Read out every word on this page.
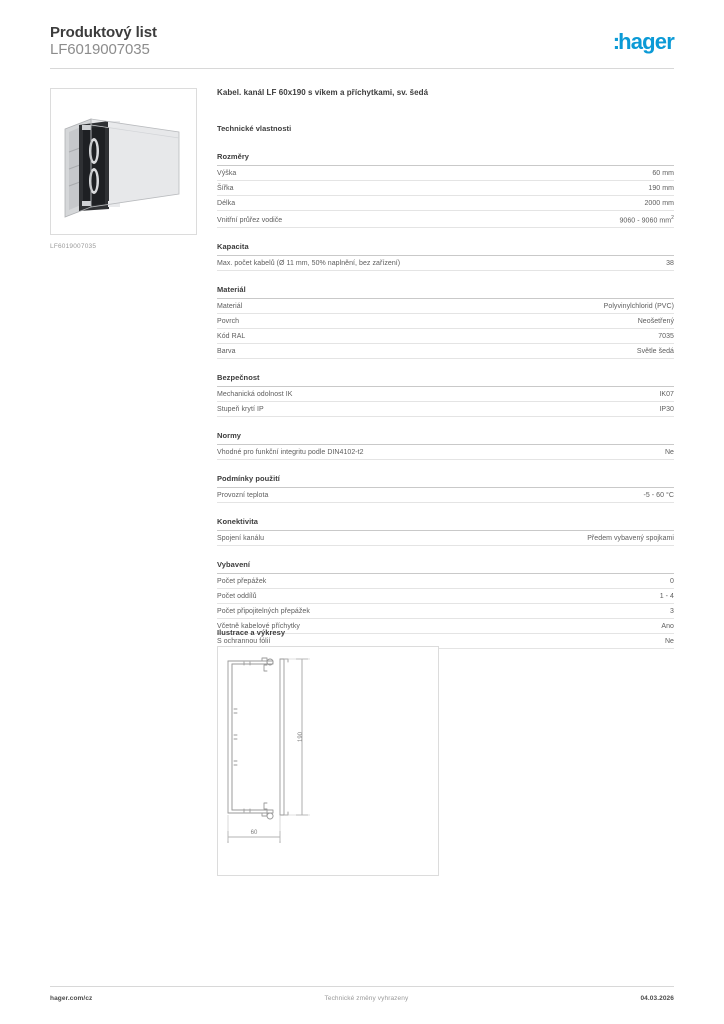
Produktový list
LF6019007035	:hager
LF6019007035
Kabel. kanál LF 60x190 s víkem a příchytkami, sv. šedá
Technické vlastnosti
Rozměry
Výška	60 mm
Šířka	190 mm
Délka	2000 mm
Vnitřní průřez vodiče	9060 - 9060 $mm^2$
Kapacita
Max. počet kabelů (Ø 11 mm, 50% naplnění, bez zařízení)	38
Materiál
Materiál	Polyvinylchlorid (PVC)
Povrch	Neošetřený
Kód RAL	7035
Barva	Světle šedá
Bezpečnost
Mechanická odolnost IK	IK07
Stupeň krytí IP	IP30
Normy
Vhodné pro funkční integritu podle DIN4102-t2	Ne
Podmínky použití
Provozní teplota	-5 - 60 °C
Konektivita
Spojení kanálu	Předem vybavený spojkami
Vybavení
Počet přepážek	0
Počet oddílů	1 - 4
Počet připojitelných přepážek	3
Včetně kabelové příchytky	Ano
S ochrannou fólií	Ne
Ilustrace a výkresy
190
60
hager.com/cz	Technické změny vyhrazeny	04.03.2026
